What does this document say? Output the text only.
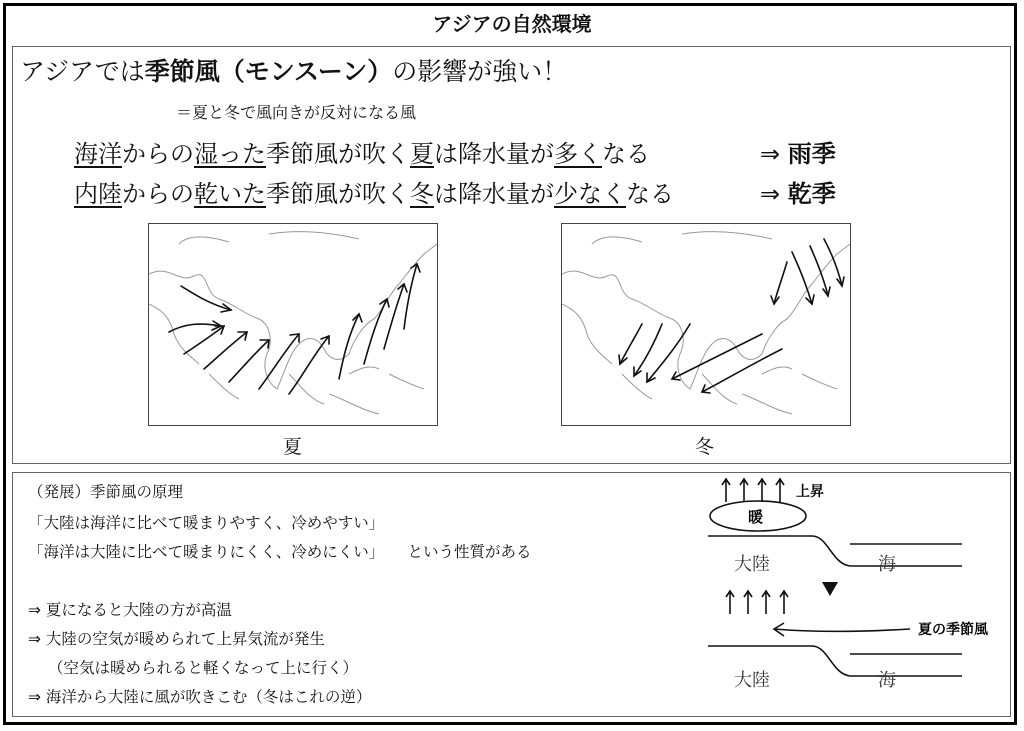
アジアの自然環境
アジアでは季節風（モンスーン）の影響が強い！
＝夏と冬で風向きが反対になる風
海洋からの湿った季節風が吹く夏は降水量が多くなる	⇒ 雨季
内陸からの乾いた季節風が吹く冬は降水量が少なくなる	⇒ 乾季
夏	冬
（発展）季節風の原理
「大陸は海洋に比べて暖まりやすく、冷めやすい」
「海洋は大陸に比べて暖まりにくく、冷めにくい」　　 という性質がある
⇒ 夏になると大陸の方が高温
⇒ 大陸の空気が暖められて上昇気流が発生
（空気は暖められると軽くなって上に行く）
⇒ 海洋から大陸に風が吹きこむ（冬はこれの逆）
上昇
暖
大陸	海
夏の季節風
大陸	海
